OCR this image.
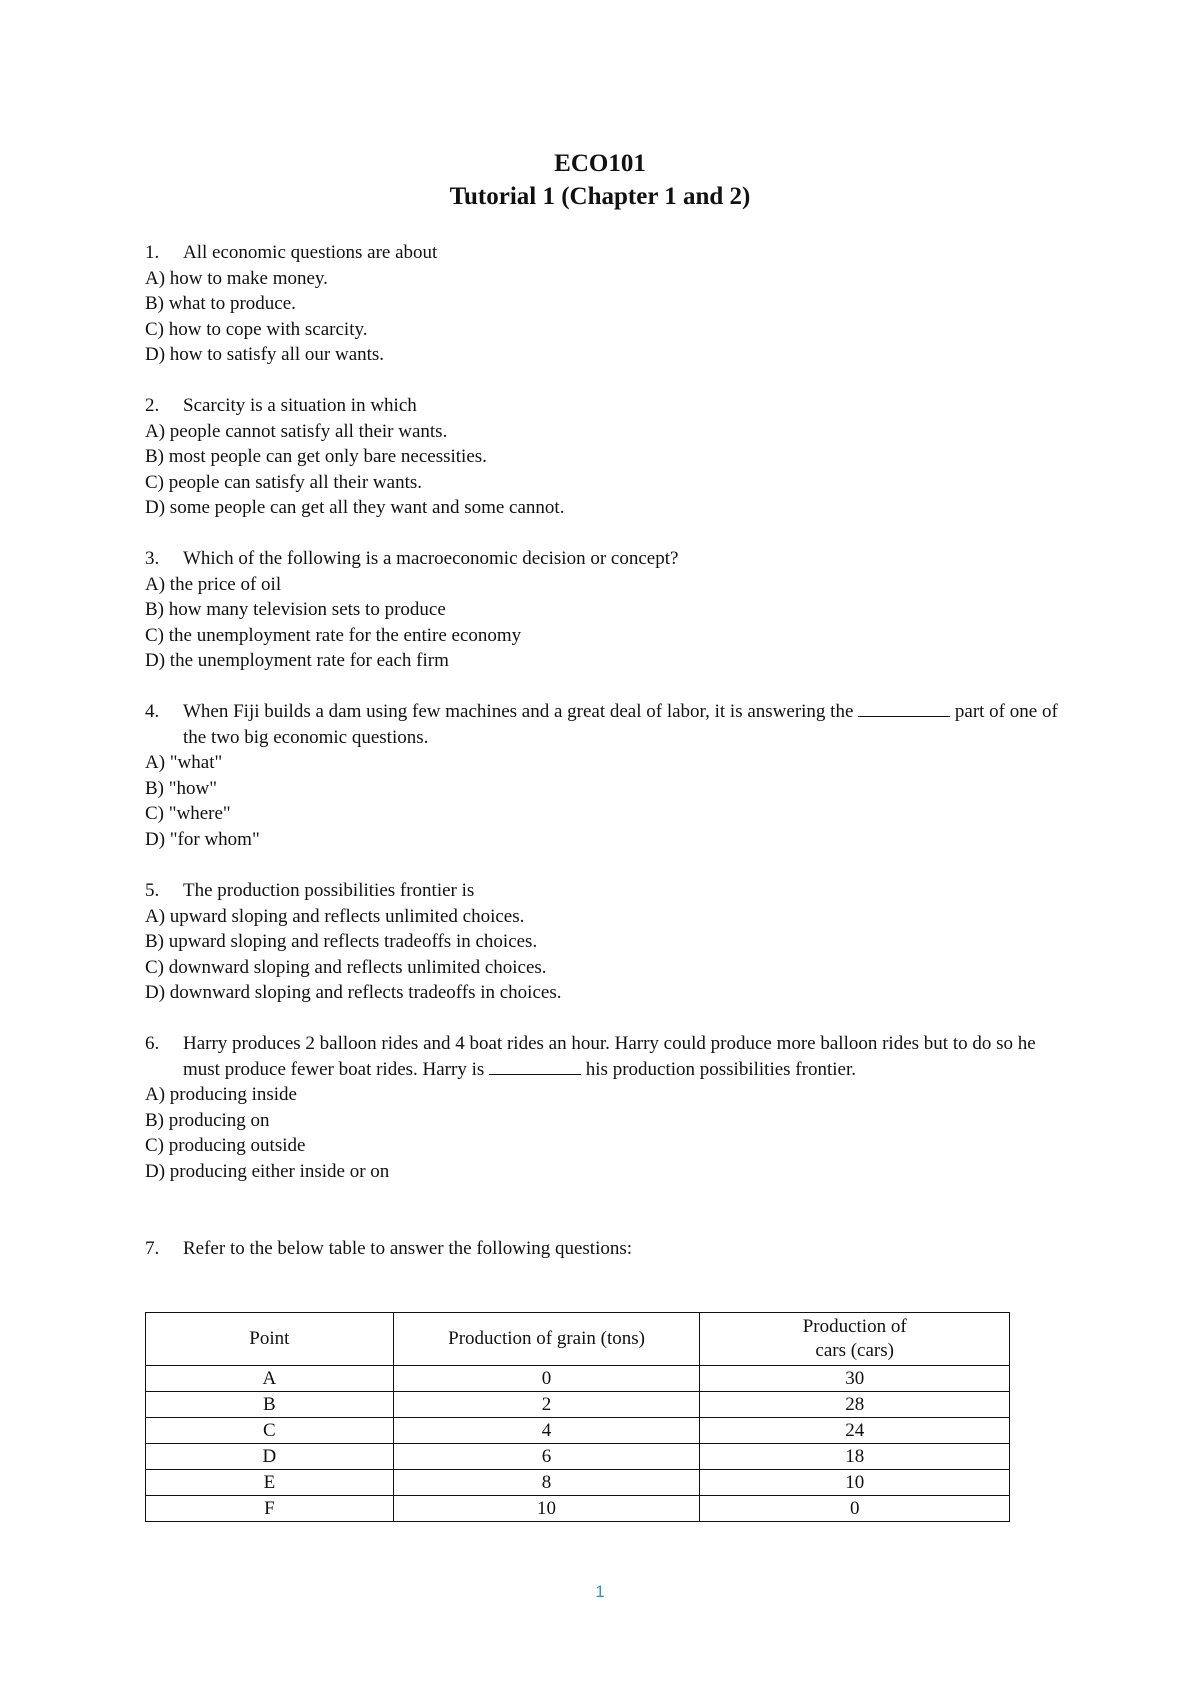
ECO101
Tutorial 1 (Chapter 1 and 2)
1.	All economic questions are about
A) how to make money.
B) what to produce.
C) how to cope with scarcity.
D) how to satisfy all our wants.
2.	Scarcity is a situation in which
A) people cannot satisfy all their wants.
B) most people can get only bare necessities.
C) people can satisfy all their wants.
D) some people can get all they want and some cannot.
3.	Which of the following is a macroeconomic decision or concept?
A) the price of oil
B) how many television sets to produce
C) the unemployment rate for the entire economy
D) the unemployment rate for each firm
4.	When Fiji builds a dam using few machines and a great deal of labor, it is answering the	part of one of the two big economic questions.
A) "what"
B) "how"
C) "where"
D) "for whom"
5.	The production possibilities frontier is
A) upward sloping and reflects unlimited choices.
B) upward sloping and reflects tradeoffs in choices.
C) downward sloping and reflects unlimited choices.
D) downward sloping and reflects tradeoffs in choices.
6.	Harry produces 2 balloon rides and 4 boat rides an hour. Harry could produce more balloon rides but to do so he must produce fewer boat rides. Harry is	his production possibilities frontier.
A) producing inside
B) producing on
C) producing outside
D) producing either inside or on
7.	Refer to the below table to answer the following questions:
Point	Production of grain (tons)	Production of
cars (cars)
A	0	30
B	2	28
C	4	24
D	6	18
E	8	10
F	10	0
1
